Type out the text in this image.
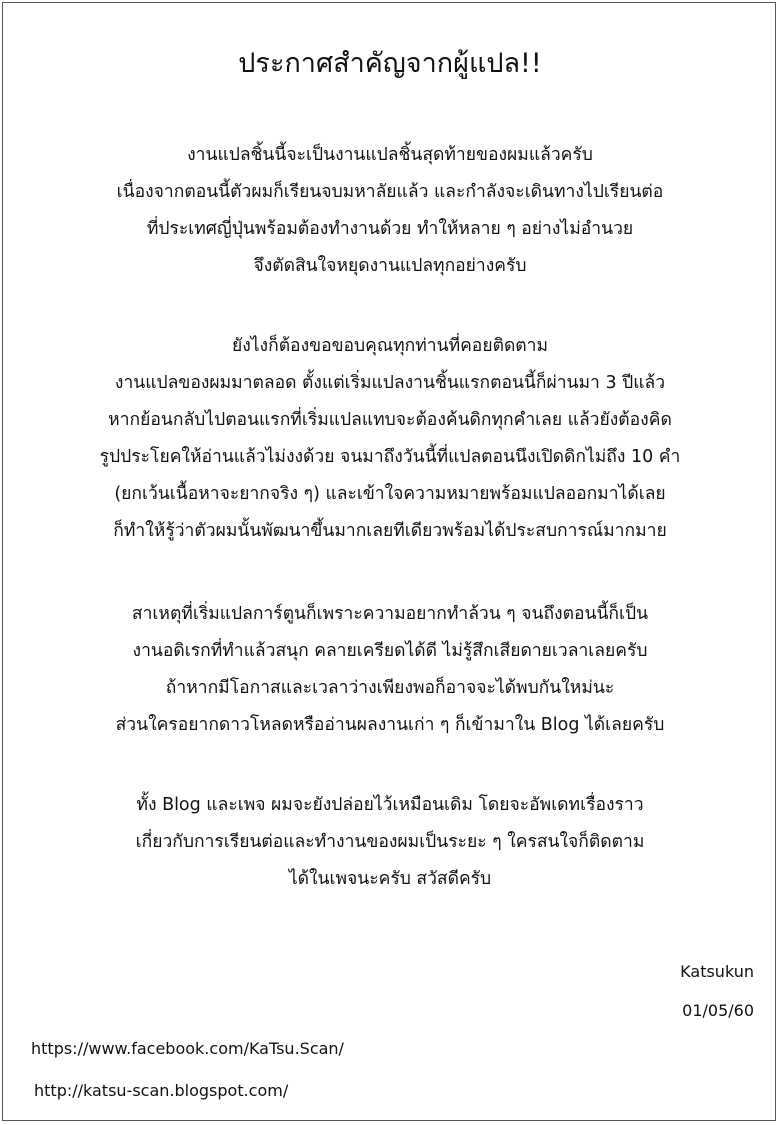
ประกาศสำคัญจากผู้แปล!!
งานแปลชิ้นนี้จะเป็นงานแปลชิ้นสุดท้ายของผมแล้วครับ
เนื่องจากตอนนี้ตัวผมก็เรียนจบมหาลัยแล้ว และกำลังจะเดินทางไปเรียนต่อ
ที่ประเทศญี่ปุ่นพร้อมต้องทำงานด้วย ทำให้หลาย ๆ อย่างไม่อำนวย
จึงตัดสินใจหยุดงานแปลทุกอย่างครับ
ยังไงก็ต้องขอขอบคุณทุกท่านที่คอยติดตาม
งานแปลของผมมาตลอด ตั้งแต่เริ่มแปลงานชิ้นแรกตอนนี้ก็ผ่านมา 3 ปีแล้ว
หากย้อนกลับไปตอนแรกที่เริ่มแปลแทบจะต้องค้นดิกทุกคำเลย แล้วยังต้องคิด
รูปประโยคให้อ่านแล้วไม่งงด้วย จนมาถึงวันนี้ที่แปลตอนนึงเปิดดิกไม่ถึง 10 คำ
(ยกเว้นเนื้อหาจะยากจริง ๆ) และเข้าใจความหมายพร้อมแปลออกมาได้เลย
ก็ทำให้รู้ว่าตัวผมนั้นพัฒนาขึ้นมากเลยทีเดียวพร้อมได้ประสบการณ์มากมาย
สาเหตุที่เริ่มแปลการ์ตูนก็เพราะความอยากทำล้วน ๆ จนถึงตอนนี้ก็เป็น
งานอดิเรกที่ทำแล้วสนุก คลายเครียดได้ดี ไม่รู้สึกเสียดายเวลาเลยครับ
ถ้าหากมีโอกาสและเวลาว่างเพียงพอก็อาจจะได้พบกันใหม่นะ
ส่วนใครอยากดาวโหลดหรืออ่านผลงานเก่า ๆ ก็เข้ามาใน Blog ได้เลยครับ
ทั้ง Blog และเพจ ผมจะยังปล่อยไว้เหมือนเดิม โดยจะอัพเดทเรื่องราว
เกี่ยวกับการเรียนต่อและทำงานของผมเป็นระยะ ๆ ใครสนใจก็ติดตาม
ได้ในเพจนะครับ สวัสดีครับ
Katsukun
01/05/60
https://www.facebook.com/KaTsu.Scan/
http://katsu-scan.blogspot.com/
